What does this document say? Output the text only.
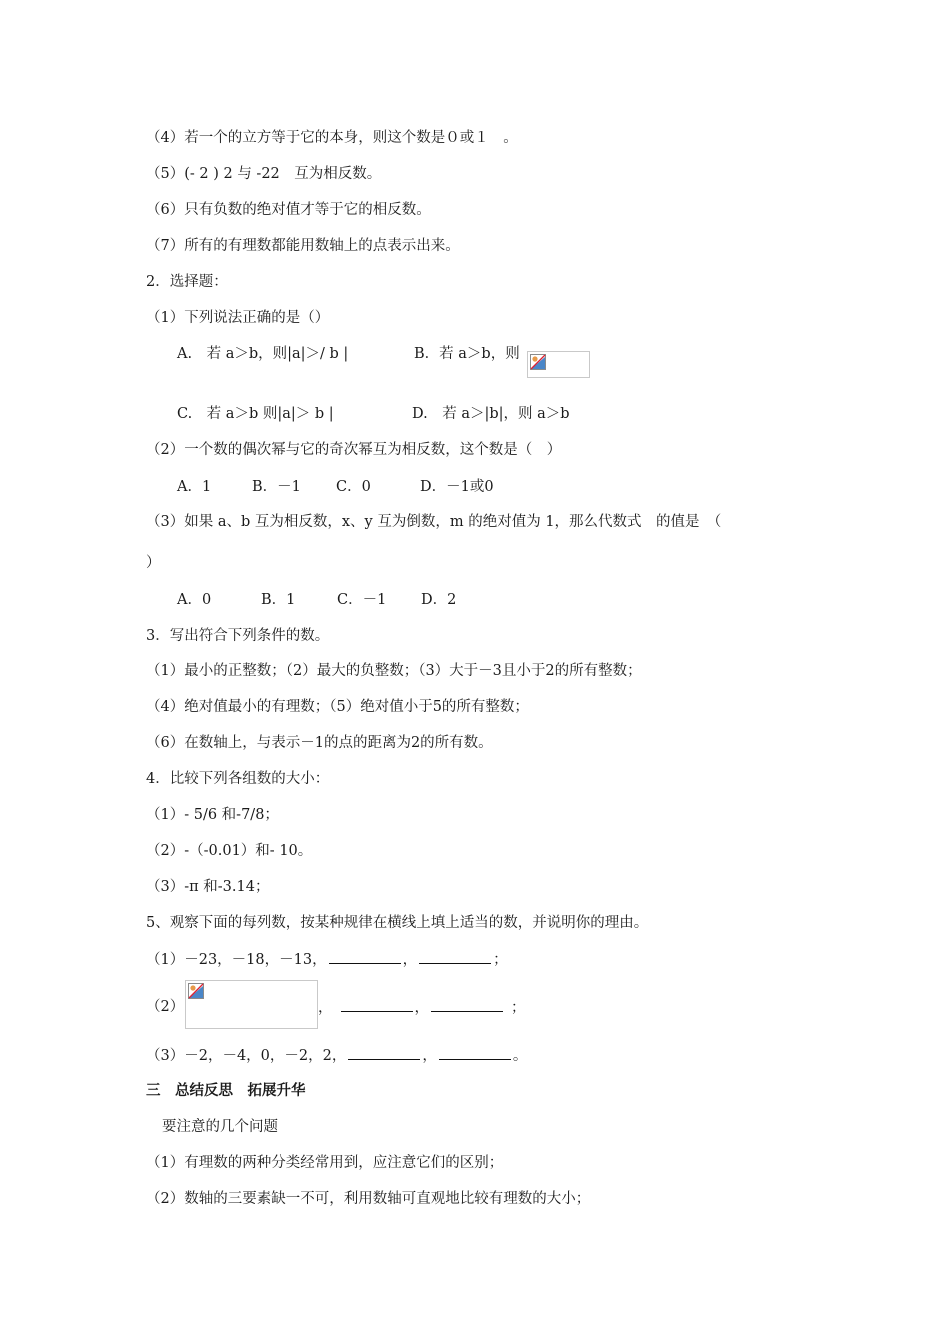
（4）若一个的立方等于它的本身，则这个数是０或１　。
（5）(- 2 ) 2 与 -22　互为相反数。
（6）只有负数的绝对值才等于它的相反数。
（7）所有的有理数都能用数轴上的点表示出来。
2．选择题：
（1）下列说法正确的是（）
A.　若 a＞b，则|a|＞/ b |	B．若 a＞b，则
C.　若 a＞b 则|a|＞ b |	D.　若 a＞|b|，则 a＞b
（2）一个数的偶次幂与它的奇次幂互为相反数，这个数是（　）
A．1	B．－1 C．0	D．－1或0
（3）如果 a、b 互为相反数，x、y 互为倒数，m 的绝对值为 1，那么代数式　的值是　（
）
A．0	B．1	C．－1 D．2
3．写出符合下列条件的数。
（1）最小的正整数；（2）最大的负整数；（3）大于－3且小于2的所有整数；
（4）绝对值最小的有理数；（5）绝对值小于5的所有整数；
（6）在数轴上，与表示－1的点的距离为2的所有数。
4．比较下列各组数的大小：
（1）- 5/6 和-7/8；
（2）-（-0.01）和- 10。
（3）-π 和-3.14；
5、观察下面的每列数，按某种规律在横线上填上适当的数，并说明你的理由。
（1）－23，－18，－13，	，	；
（2）	，	，	；
（3）－2，－4，0，－2，2，	，	。
三　总结反思　拓展升华
要注意的几个问题
（1）有理数的两种分类经常用到，应注意它们的区别；
（2）数轴的三要素缺一不可，利用数轴可直观地比较有理数的大小；
